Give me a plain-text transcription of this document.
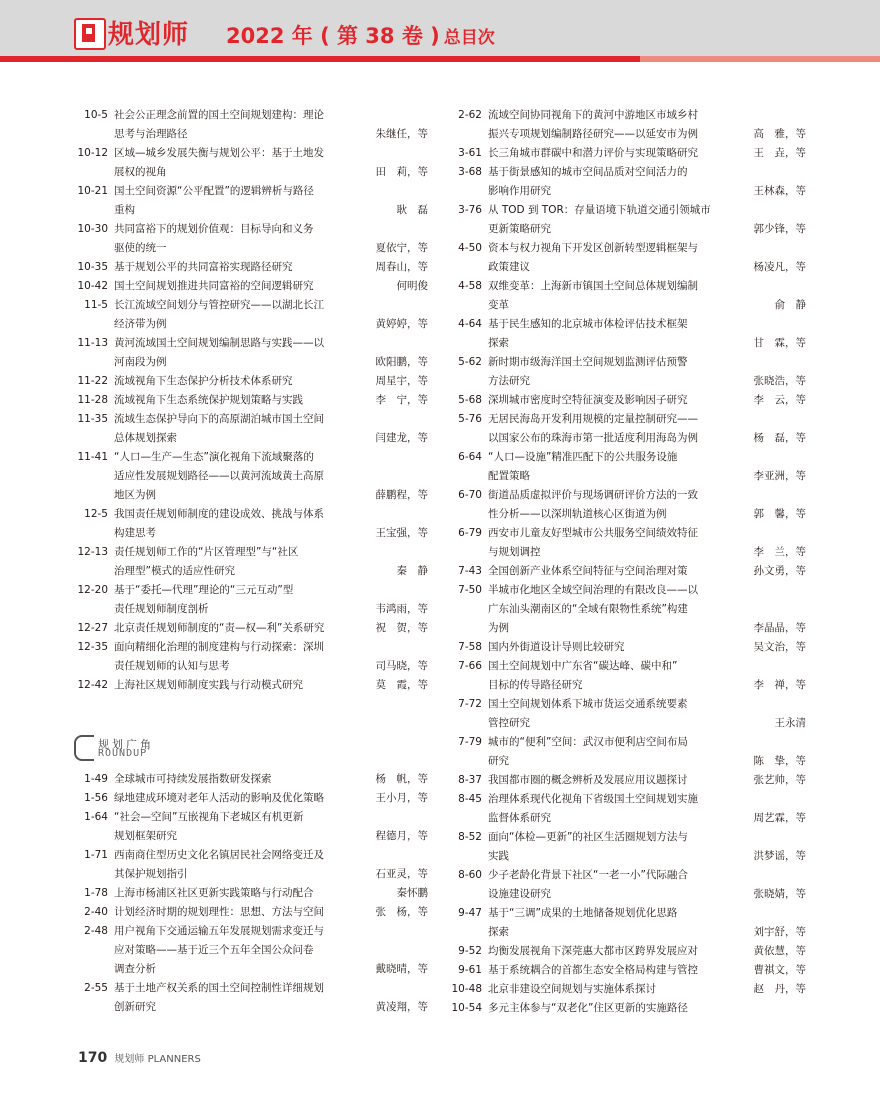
规划师 2022 年 ( 第 38 卷 ) 总目次
10-5 社会公正理念前置的国土空间规划建构：理论
思考与治理路径	朱继任，等
10-12 区域—城乡发展失衡与规划公平：基于土地发
展权的视角	田　莉，等
10-21 国土空间资源“公平配置”的逻辑辨析与路径
重构	耿　磊
10-30 共同富裕下的规划价值观：目标导向和义务
驱使的统一	夏依宁，等
10-35 基于规划公平的共同富裕实现路径研究	周春山，等
10-42 国土空间规划推进共同富裕的空间逻辑研究	何明俊
11-5 长江流域空间划分与管控研究——以湖北长江
经济带为例	黄婷婷，等
11-13 黄河流域国土空间规划编制思路与实践——以
河南段为例	欧阳鹏，等
11-22 流域视角下生态保护分析技术体系研究	周星宇，等
11-28 流域视角下生态系统保护规划策略与实践	李　宁，等
11-35 流域生态保护导向下的高原湖泊城市国土空间
总体规划探索	闫建龙，等
11-41 “人口—生产—生态”演化视角下流域聚落的
适应性发展规划路径——以黄河流域黄土高原
地区为例	薛鹏程，等
12-5 我国责任规划师制度的建设成效、挑战与体系
构建思考	王宝强，等
12-13 责任规划师工作的“片区管理型”与“社区
治理型”模式的适应性研究	秦　静
12-20 基于“委托—代理”理论的“三元互动”型
责任规划师制度剖析	韦鸿雨，等
12-27 北京责任规划师制度的“责—权—利”关系研究	祝　贺，等
12-35 面向精细化治理的制度建构与行动探索：深圳
责任规划师的认知与思考	司马晓，等
12-42 上海社区规划师制度实践与行动模式研究	莫　霞，等
规划广角
ROUNDUP
1-49 全球城市可持续发展指数研发探索	杨　帆，等
1-56 绿地建成环境对老年人活动的影响及优化策略	王小月，等
1-64 “社会—空间”互嵌视角下老城区有机更新
规划框架研究	程德月，等
1-71 西南商住型历史文化名镇居民社会网络变迁及
其保护规划指引	石亚灵，等
1-78 上海市杨浦区社区更新实践策略与行动配合	秦怀鹏
2-40 计划经济时期的规划理性：思想、方法与空间	张　杨，等
2-48 用户视角下交通运输五年发展规划需求变迁与
应对策略——基于近三个五年全国公众问卷
调查分析	戴晓晴，等
2-55 基于土地产权关系的国土空间控制性详细规划
创新研究	黄凌翔，等
2-62 流域空间协同视角下的黄河中游地区市域乡村
振兴专项规划编制路径研究——以延安市为例	高　雅，等
3-61 长三角城市群碳中和潜力评价与实现策略研究	王　垚，等
3-68 基于街景感知的城市空间品质对空间活力的
影响作用研究	王林森，等
3-76 从 TOD 到 TOR：存量语境下轨道交通引领城市
更新策略研究	郭少锋，等
4-50 资本与权力视角下开发区创新转型逻辑框架与
政策建议	杨凌凡，等
4-58 双维变革：上海新市镇国土空间总体规划编制
变革	俞　静
4-64 基于民生感知的北京城市体检评估技术框架
探索	甘　霖，等
5-62 新时期市级海洋国土空间规划监测评估预警
方法研究	张晓浩，等
5-68 深圳城市密度时空特征演变及影响因子研究	李　云，等
5-76 无居民海岛开发利用规模的定量控制研究——
以国家公布的珠海市第一批适度利用海岛为例	杨　磊，等
6-64 “人口—设施”精准匹配下的公共服务设施
配置策略	李亚洲，等
6-70 街道品质虚拟评价与现场调研评价方法的一致
性分析——以深圳轨道核心区街道为例	郭　馨，等
6-79 西安市儿童友好型城市公共服务空间绩效特征
与规划调控	李　兰，等
7-43 全国创新产业体系空间特征与空间治理对策	孙文勇，等
7-50 半城市化地区全域空间治理的有限改良——以
广东汕头潮南区的“全域有限物性系统”构建
为例	李晶晶，等
7-58 国内外街道设计导则比较研究	吴文治，等
7-66 国土空间规划中广东省“碳达峰、碳中和”
目标的传导路径研究	李　禅，等
7-72 国土空间规划体系下城市货运交通系统要素
管控研究	王永清
7-79 城市的“便利”空间：武汉市便利店空间布局
研究	陈　挚，等
8-37 我国都市圈的概念辨析及发展应用议题探讨	张艺帅，等
8-45 治理体系现代化视角下省级国土空间规划实施
监督体系研究	周艺霖，等
8-52 面向“体检—更新”的社区生活圈规划方法与
实践	洪梦谣，等
8-60 少子老龄化背景下社区“一老一小”代际融合
设施建设研究	张晓婧，等
9-47 基于“三调”成果的土地储备规划优化思路
探索	刘宇舒，等
9-52 均衡发展视角下深莞惠大都市区跨界发展应对	黄依慧，等
9-61 基于系统耦合的首都生态安全格局构建与管控	曹祺文，等
10-48 北京非建设空间规划与实施体系探讨	赵　丹，等
10-54 多元主体参与“双老化”住区更新的实施路径
170 规划师 PLANNERS
